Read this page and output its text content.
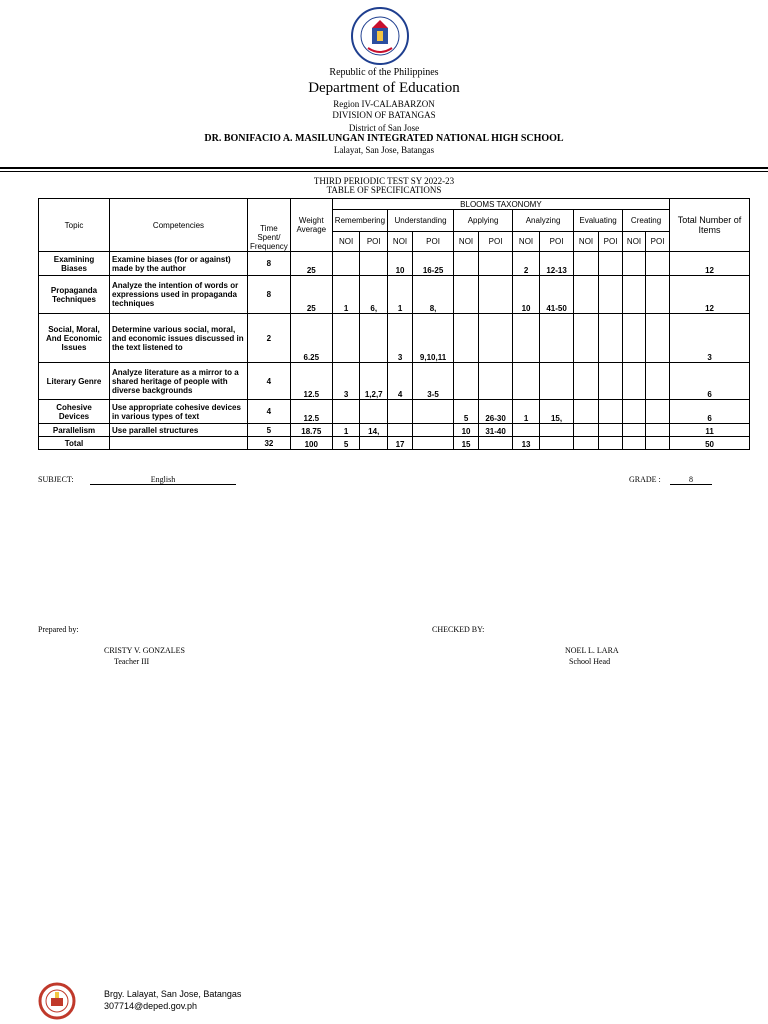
Republic of the Philippines
Department of Education
Region IV-CALABARZON
DIVISION OF BATANGAS
District of San Jose
DR. BONIFACIO A. MASILUNGAN INTEGRATED NATIONAL HIGH SCHOOL
Lalayat, San Jose, Batangas
THIRD PERIODIC TEST SY 2022-23
TABLE OF SPECIFICATIONS
Topic	Competencies	Time Spent/ Frequency	Weight Average	BLOOMS TAXONOMY												Total Number of Items
				Remembering		Understanding		Applying		Analyzing		Evaluating		Creating		
				NOI	POI	NOI	POI	NOI	POI	NOI	POI	NOI	POI	NOI	POI	
Examining Biases	Examine biases (for or against) made by the author	8	25			10	16-25			2	12-13					12
Propaganda Techniques	Analyze the intention of words or expressions used in propaganda techniques	8	25	1	6,	1	8,			10	41-50					12
Social, Moral, And Economic Issues	Determine various social, moral, and economic issues discussed in the text listened to	2	6.25			3	9,10,11									3
Literary Genre	Analyze literature as a mirror to a shared heritage of people with diverse backgrounds	4	12.5	3	1,2,7	4	3-5									6
Cohesive Devices	Use appropriate cohesive devices in various types of text	4	12.5					5	26-30	1	15,					6
Parallelism	Use parallel structures	5	18.75	1	14,			10	31-40							11
Total		32	100	5		17		15		13						50
SUBJECT:	English	GRADE :	8
Prepared by:
CRISTY V. GONZALES
Teacher III
CHECKED BY:
NOEL L. LARA
School Head
Brgy. Lalayat, San Jose, Batangas
307714@deped.gov.ph
